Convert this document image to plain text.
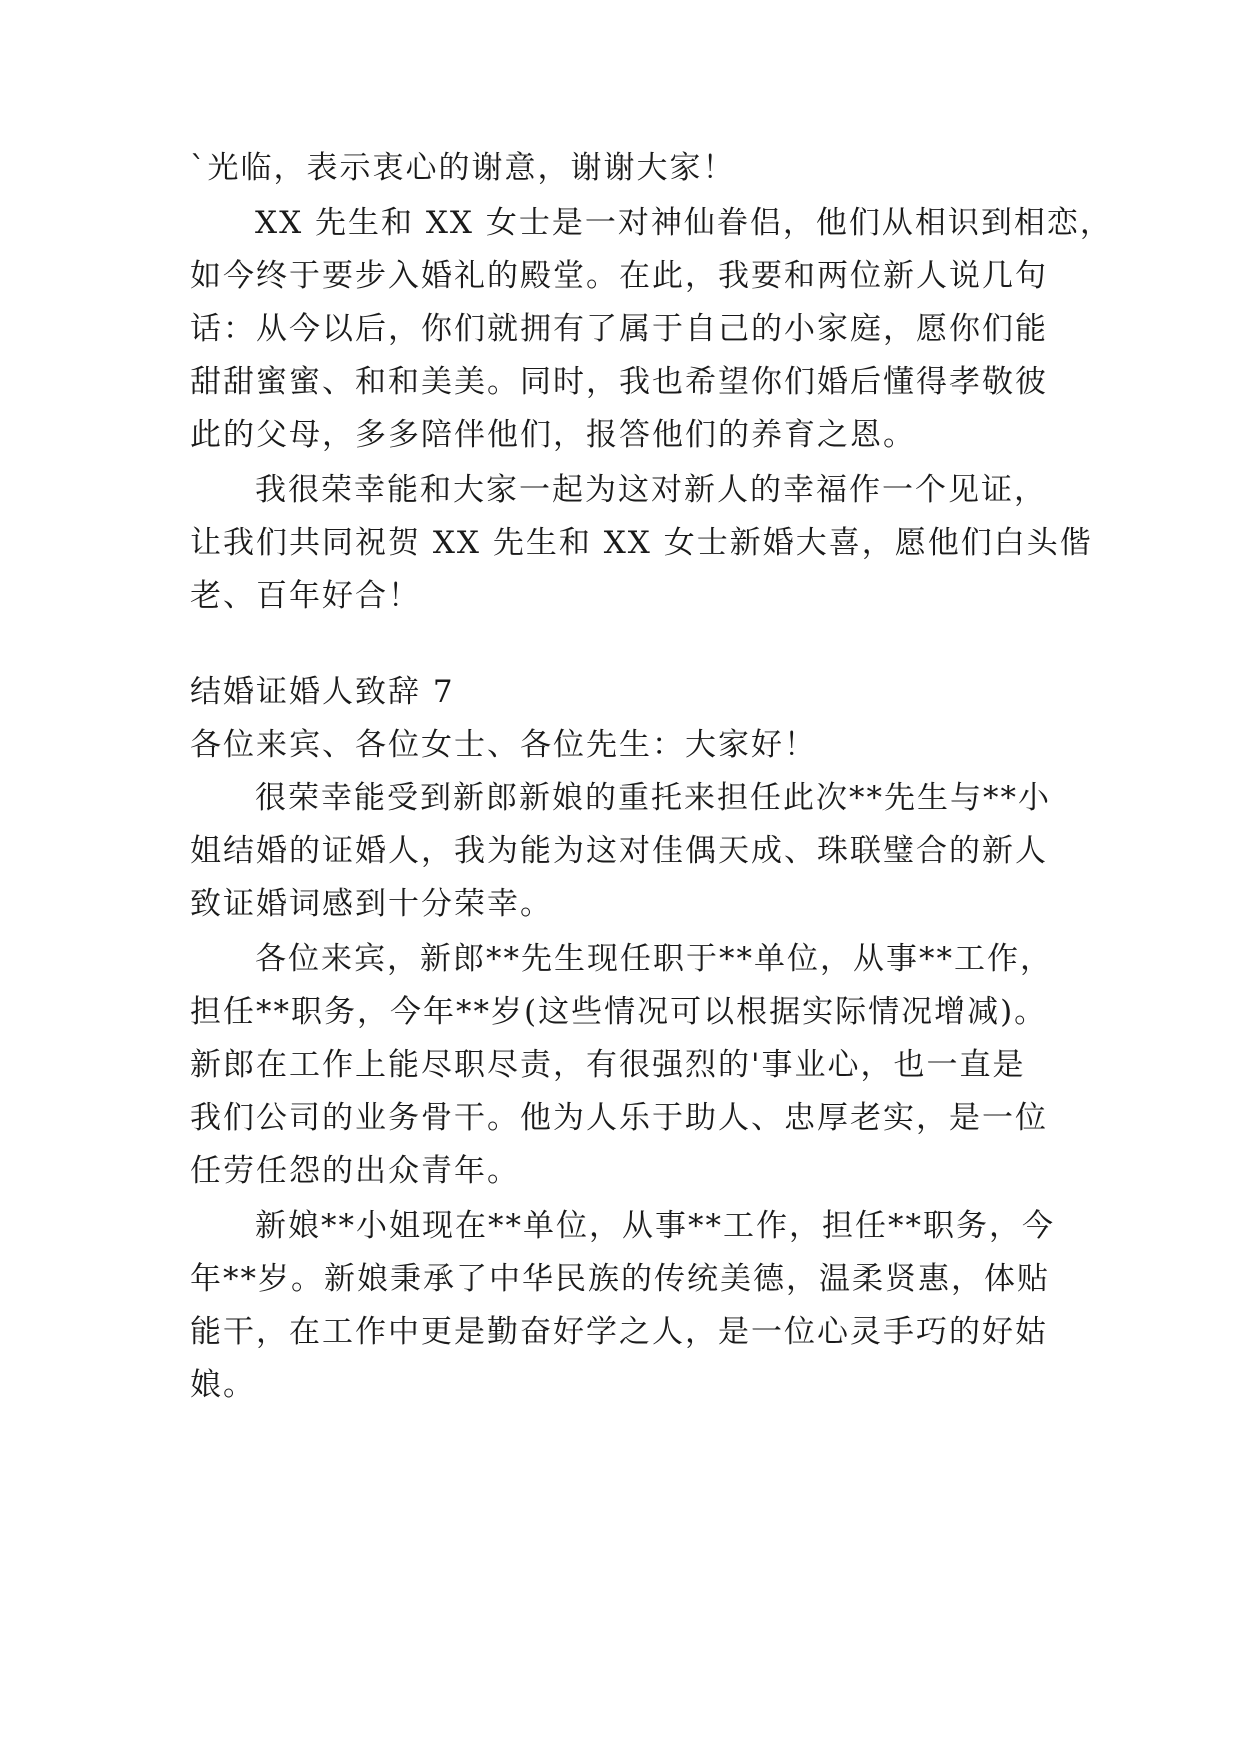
`光临，表示衷心的谢意，谢谢大家！
XX 先生和 XX 女士是一对神仙眷侣，他们从相识到相恋，
如今终于要步入婚礼的殿堂。在此，我要和两位新人说几句
话：从今以后，你们就拥有了属于自己的小家庭，愿你们能
甜甜蜜蜜、和和美美。同时，我也希望你们婚后懂得孝敬彼
此的父母，多多陪伴他们，报答他们的养育之恩。
我很荣幸能和大家一起为这对新人的幸福作一个见证，
让我们共同祝贺 XX 先生和 XX 女士新婚大喜，愿他们白头偕
老、百年好合！
结婚证婚人致辞 7
各位来宾、各位女士、各位先生：大家好！
很荣幸能受到新郎新娘的重托来担任此次**先生与**小
姐结婚的证婚人，我为能为这对佳偶天成、珠联璧合的新人
致证婚词感到十分荣幸。
各位来宾，新郎**先生现任职于**单位，从事**工作，
担任**职务，今年**岁(这些情况可以根据实际情况增减)。
新郎在工作上能尽职尽责，有很强烈的'事业心，也一直是
我们公司的业务骨干。他为人乐于助人、忠厚老实，是一位
任劳任怨的出众青年。
新娘**小姐现在**单位，从事**工作，担任**职务，今
年**岁。新娘秉承了中华民族的传统美德，温柔贤惠，体贴
能干，在工作中更是勤奋好学之人，是一位心灵手巧的好姑
娘。
